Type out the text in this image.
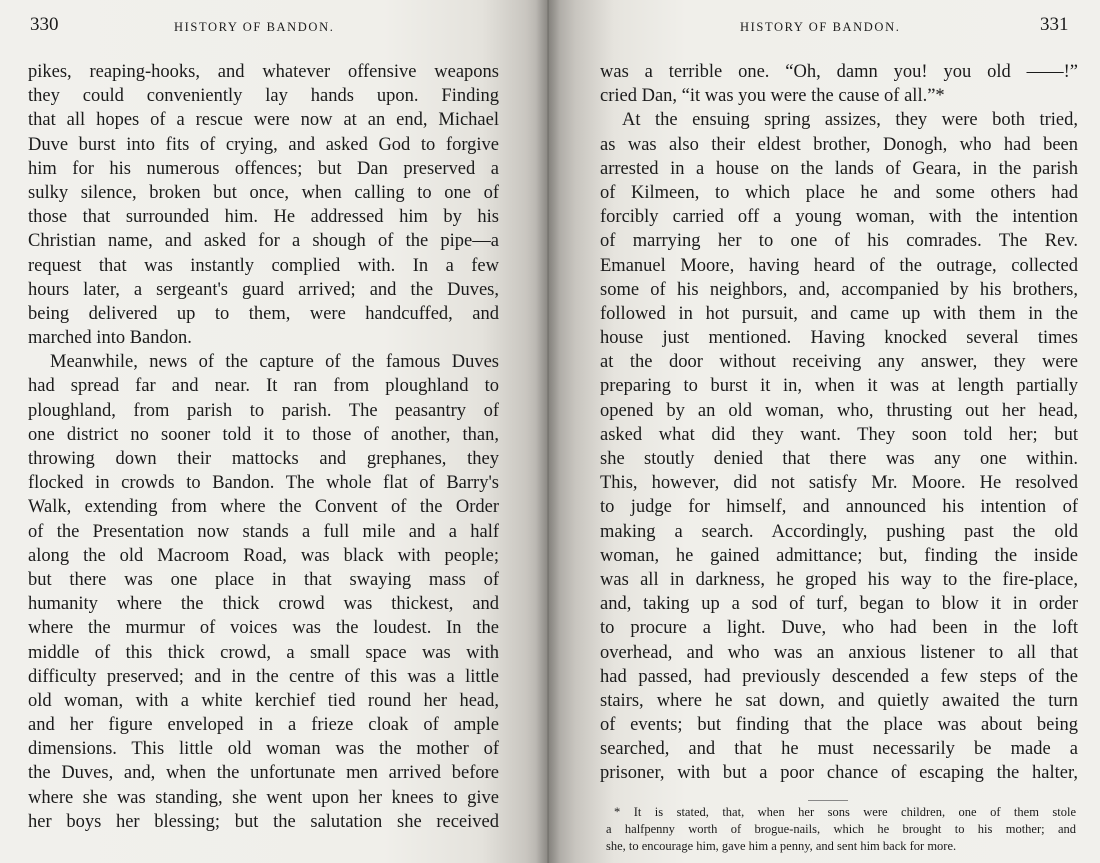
330	HISTORY OF BANDON.
pikes, reaping-hooks, and whatever offensive weapons
they could conveniently lay hands upon. Finding
that all hopes of a rescue were now at an end, Michael
Duve burst into fits of crying, and asked God to forgive
him for his numerous offences; but Dan preserved a
sulky silence, broken but once, when calling to one of
those that surrounded him. He addressed him by his
Christian name, and asked for a shough of the pipe—a
request that was instantly complied with. In a few
hours later, a sergeant's guard arrived; and the Duves,
being delivered up to them, were handcuffed, and
marched into Bandon.
Meanwhile, news of the capture of the famous Duves
had spread far and near. It ran from ploughland to
ploughland, from parish to parish. The peasantry of
one district no sooner told it to those of another, than,
throwing down their mattocks and grephanes, they
flocked in crowds to Bandon. The whole flat of Barry's
Walk, extending from where the Convent of the Order
of the Presentation now stands a full mile and a half
along the old Macroom Road, was black with people;
but there was one place in that swaying mass of
humanity where the thick crowd was thickest, and
where the murmur of voices was the loudest. In the
middle of this thick crowd, a small space was with
difficulty preserved; and in the centre of this was a little
old woman, with a white kerchief tied round her head,
and her figure enveloped in a frieze cloak of ample
dimensions. This little old woman was the mother of
the Duves, and, when the unfortunate men arrived before
where she was standing, she went upon her knees to give
her boys her blessing; but the salutation she received
HISTORY OF BANDON.	331
was a terrible one. “Oh, damn you! you old ——!”
cried Dan, “it was you were the cause of all.”*
At the ensuing spring assizes, they were both tried,
as was also their eldest brother, Donogh, who had been
arrested in a house on the lands of Geara, in the parish
of Kilmeen, to which place he and some others had
forcibly carried off a young woman, with the intention
of marrying her to one of his comrades. The Rev.
Emanuel Moore, having heard of the outrage, collected
some of his neighbors, and, accompanied by his brothers,
followed in hot pursuit, and came up with them in the
house just mentioned. Having knocked several times
at the door without receiving any answer, they were
preparing to burst it in, when it was at length partially
opened by an old woman, who, thrusting out her head,
asked what did they want. They soon told her; but
she stoutly denied that there was any one within.
This, however, did not satisfy Mr. Moore. He resolved
to judge for himself, and announced his intention of
making a search. Accordingly, pushing past the old
woman, he gained admittance; but, finding the inside
was all in darkness, he groped his way to the fire-place,
and, taking up a sod of turf, began to blow it in order
to procure a light. Duve, who had been in the loft
overhead, and who was an anxious listener to all that
had passed, had previously descended a few steps of the
stairs, where he sat down, and quietly awaited the turn
of events; but finding that the place was about being
searched, and that he must necessarily be made a
prisoner, with but a poor chance of escaping the halter,
* It is stated, that, when her sons were children, one of them stole
a halfpenny worth of brogue-nails, which he brought to his mother; and
she, to encourage him, gave him a penny, and sent him back for more.
